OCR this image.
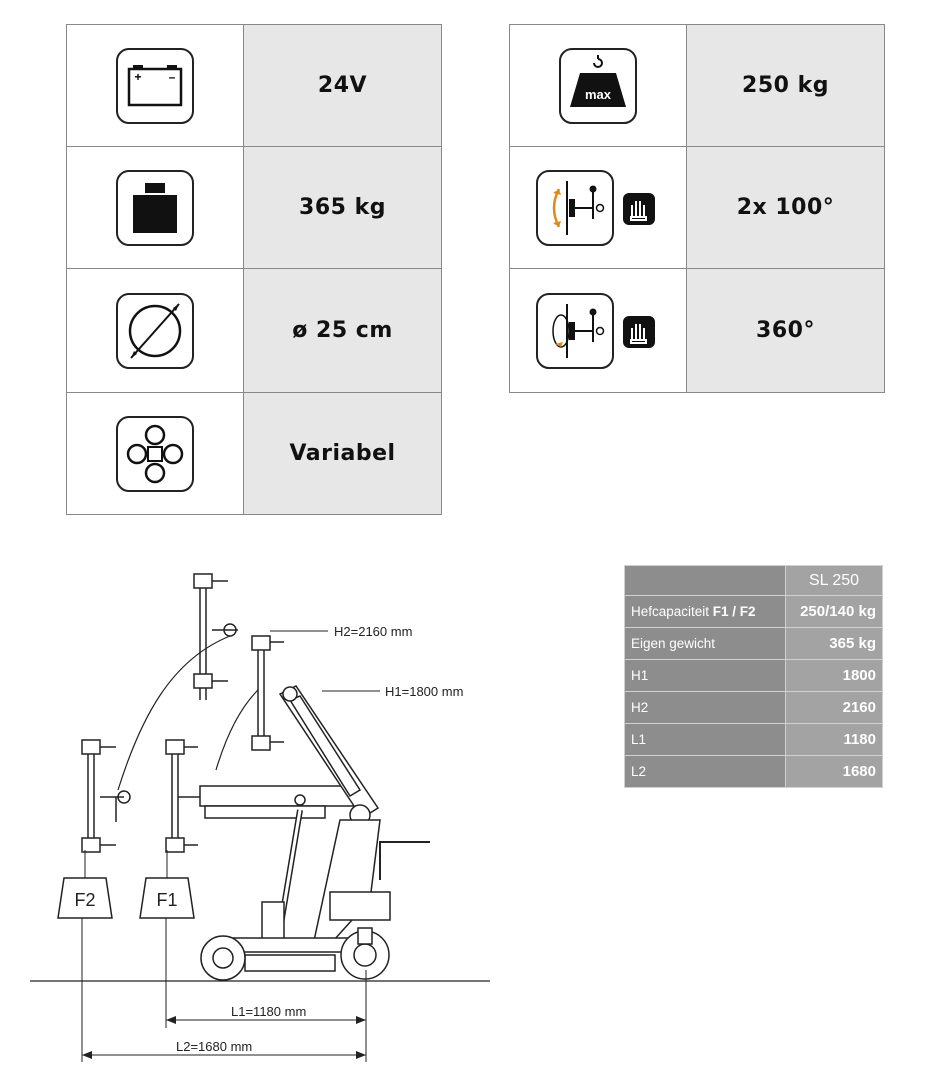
+ –	24V
	365 kg
	ø 25 cm
	Variabel
max	250 kg
	2x 100°
	360°
	SL 250
Hefcapaciteit F1 / F2	250/140 kg
Eigen gewicht	365 kg
H1	1800
H2	2160
L1	1180
L2	1680
H2=2160 mm
H1=1800 mm
L1=1180 mm
L2=1680 mm
F2	F1
